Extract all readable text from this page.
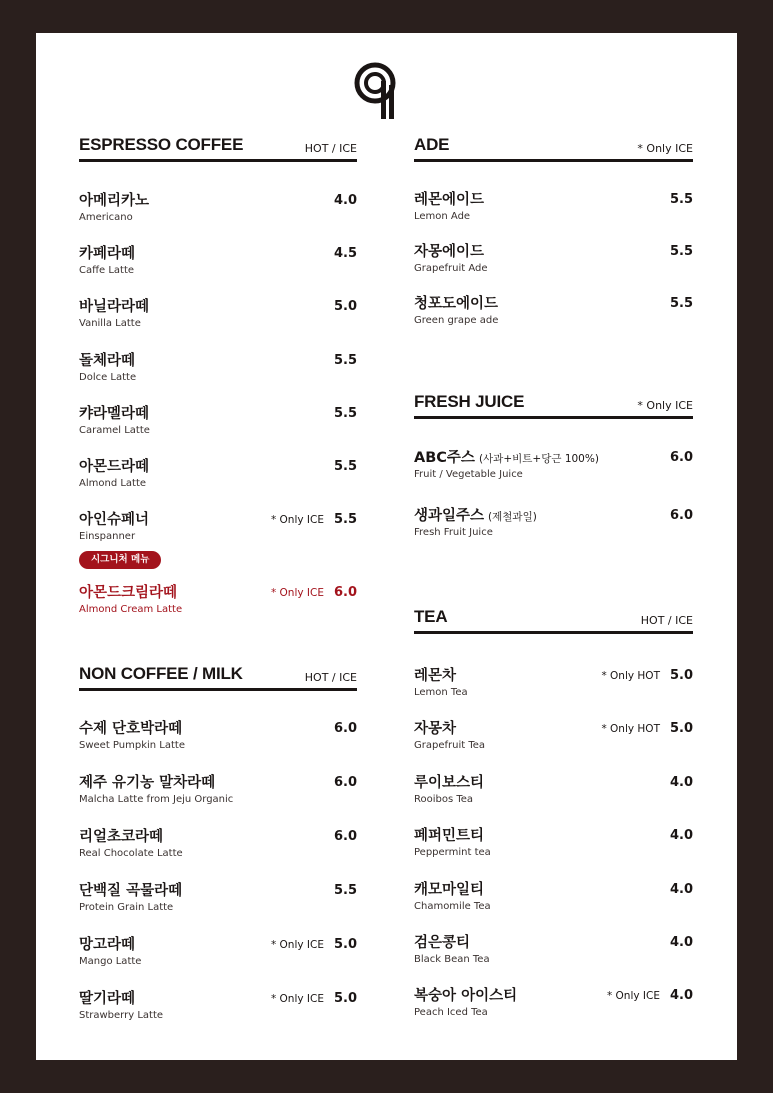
ESPRESSO COFFEE	HOT / ICE
아메리카노
Americano
4.0
카페라떼
Caffe Latte
4.5
바닐라라떼
Vanilla Latte
5.0
돌체라떼
Dolce Latte
5.5
캬라멜라떼
Caramel Latte
5.5
아몬드라떼
Almond Latte
5.5
아인슈페너
Einspanner
* Only ICE 5.5
시그니처 메뉴
아몬드크림라떼
Almond Cream Latte
* Only ICE 6.0
NON COFFEE / MILK	HOT / ICE
수제 단호박라떼
Sweet Pumpkin Latte
6.0
제주 유기농 말차라떼
Malcha Latte from Jeju Organic
6.0
리얼초코라떼
Real Chocolate Latte
6.0
단백질 곡물라떼
Protein Grain Latte
5.5
망고라떼
Mango Latte
* Only ICE 5.0
딸기라떼
Strawberry Latte
* Only ICE 5.0
ADE	* Only ICE
레몬에이드
Lemon Ade
5.5
자몽에이드
Grapefruit Ade
5.5
청포도에이드
Green grape ade
5.5
FRESH JUICE	* Only ICE
ABC주스 (사과+비트+당근 100%)
Fruit / Vegetable Juice
6.0
생과일주스 (제철과일)
Fresh Fruit Juice
6.0
TEA	HOT / ICE
레몬차
Lemon Tea
* Only HOT 5.0
자몽차
Grapefruit Tea
* Only HOT 5.0
루이보스티
Rooibos Tea
4.0
페퍼민트티
Peppermint tea
4.0
캐모마일티
Chamomile Tea
4.0
검은콩티
Black Bean Tea
4.0
복숭아 아이스티
Peach Iced Tea
* Only ICE 4.0
